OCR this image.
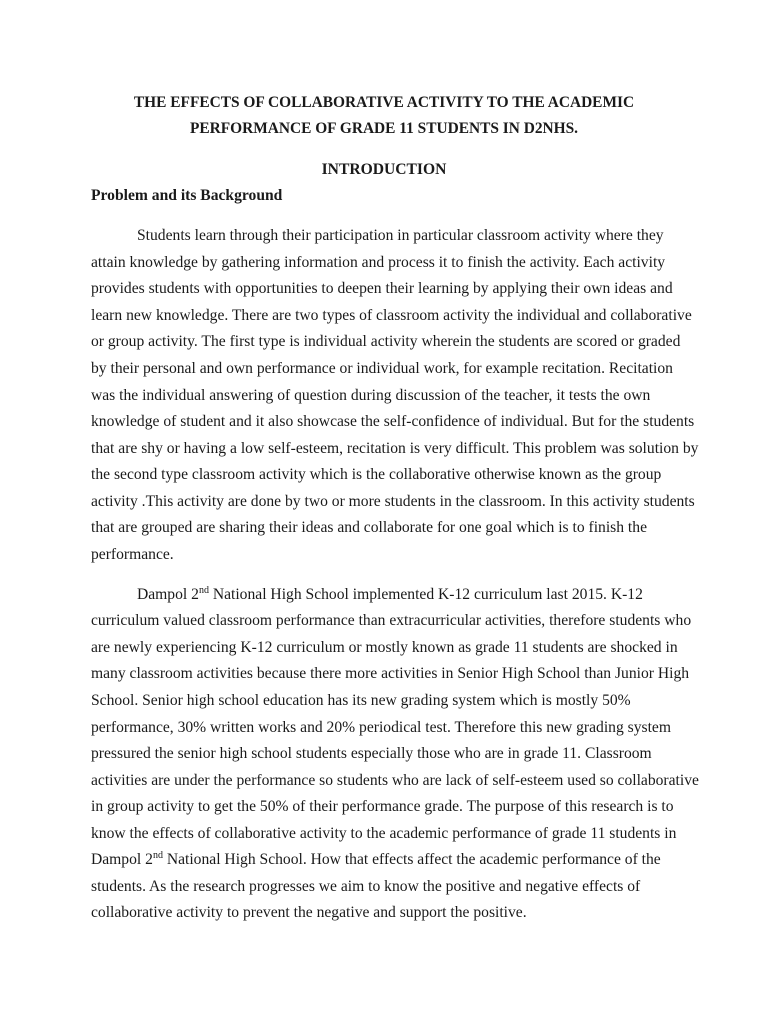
THE EFFECTS OF COLLABORATIVE ACTIVITY TO THE ACADEMIC
PERFORMANCE OF GRADE 11 STUDENTS IN D2NHS.
INTRODUCTION
Problem and its Background
Students learn through their participation in particular classroom activity where they
attain knowledge by gathering information and process it to finish the activity. Each activity
provides students with opportunities to deepen their learning by applying their own ideas and
learn new knowledge. There are two types of classroom activity the individual and collaborative
or group activity. The first type is individual activity wherein the students are scored or graded
by their personal and own performance or individual work, for example recitation. Recitation
was the individual answering of question during discussion of the teacher, it tests the own
knowledge of student and it also showcase the self-confidence of individual. But for the students
that are shy or having a low self-esteem, recitation is very difficult. This problem was solution by
the second type classroom activity which is the collaborative otherwise known as the group
activity .This activity are done by two or more students in the classroom. In this activity students
that are grouped are sharing their ideas and collaborate for one goal which is to finish the
performance.
Dampol 2nd National High School implemented K-12 curriculum last 2015. K-12
curriculum valued classroom performance than extracurricular activities, therefore students who
are newly experiencing K-12 curriculum or mostly known as grade 11 students are shocked in
many classroom activities because there more activities in Senior High School than Junior High
School. Senior high school education has its new grading system which is mostly 50%
performance, 30% written works and 20% periodical test. Therefore this new grading system
pressured the senior high school students especially those who are in grade 11. Classroom
activities are under the performance so students who are lack of self-esteem used so collaborative
in group activity to get the 50% of their performance grade. The purpose of this research is to
know the effects of collaborative activity to the academic performance of grade 11 students in
Dampol 2nd National High School. How that effects affect the academic performance of the
students. As the research progresses we aim to know the positive and negative effects of
collaborative activity to prevent the negative and support the positive.
